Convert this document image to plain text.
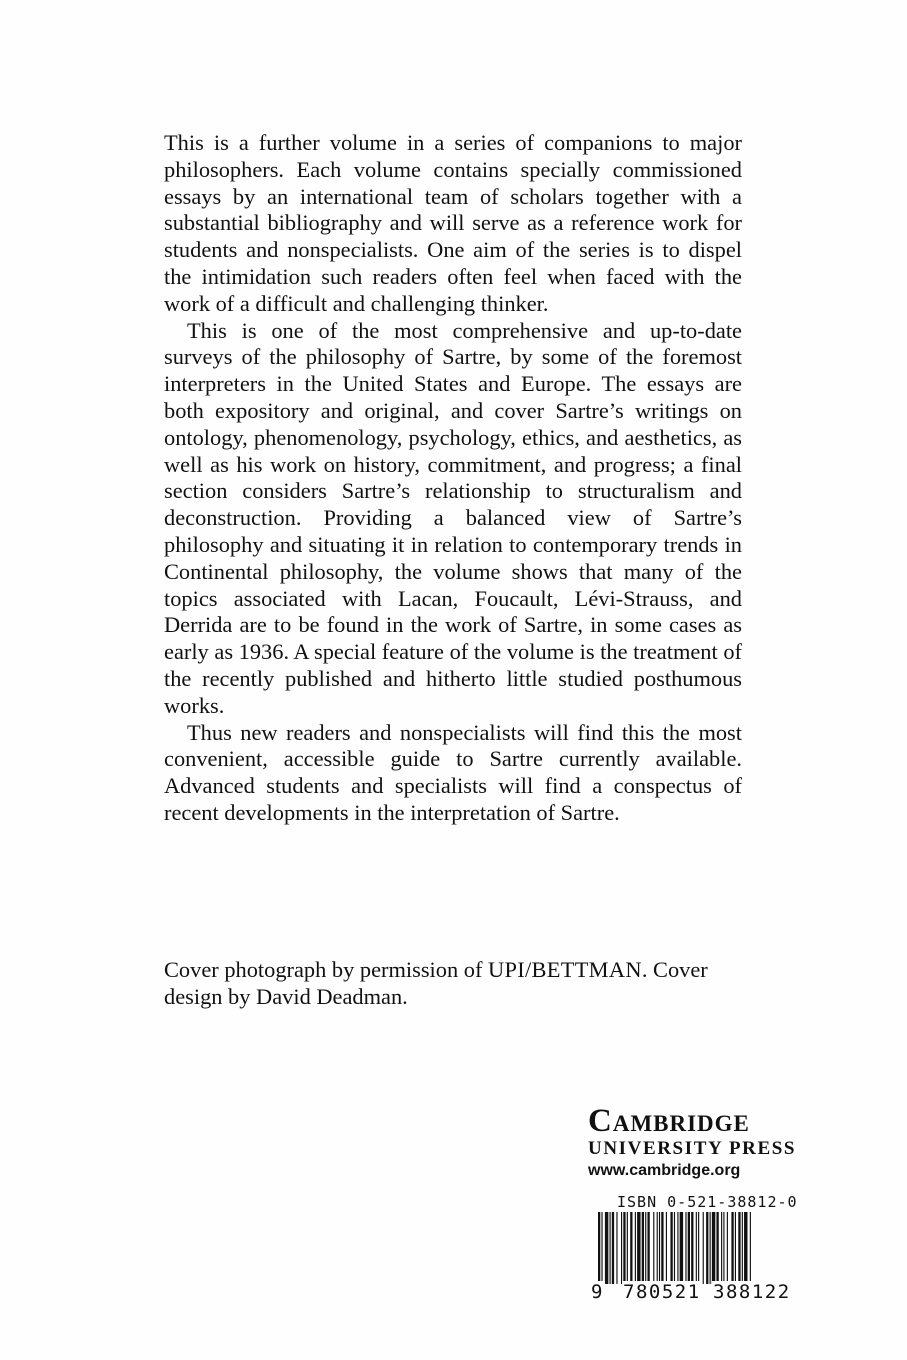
This is a further volume in a series of companions to major philosophers. Each volume contains specially commissioned essays by an international team of scholars together with a substantial bibliography and will serve as a reference work for students and nonspecialists. One aim of the series is to dispel the intimidation such readers often feel when faced with the work of a difficult and challenging thinker.

This is one of the most comprehensive and up-to-date surveys of the philosophy of Sartre, by some of the foremost interpreters in the United States and Europe. The essays are both expository and original, and cover Sartre’s writings on ontology, phenomenology, psychology, ethics, and aesthetics, as well as his work on history, commitment, and progress; a final section considers Sartre’s relationship to structuralism and deconstruction. Providing a balanced view of Sartre’s philosophy and situating it in relation to contemporary trends in Continental philosophy, the volume shows that many of the topics associated with Lacan, Foucault, Lévi-Strauss, and Derrida are to be found in the work of Sartre, in some cases as early as 1936. A special feature of the volume is the treatment of the recently published and hitherto little studied posthumous works.

Thus new readers and nonspecialists will find this the most convenient, accessible guide to Sartre currently available. Advanced students and specialists will find a conspectus of recent developments in the interpretation of Sartre.

Cover photograph by permission of UPI/BETTMAN. Cover design by David Deadman.

Cambridge
UNIVERSITY PRESS
www.cambridge.org
ISBN 0-521-38812-0
9 780521 388122
